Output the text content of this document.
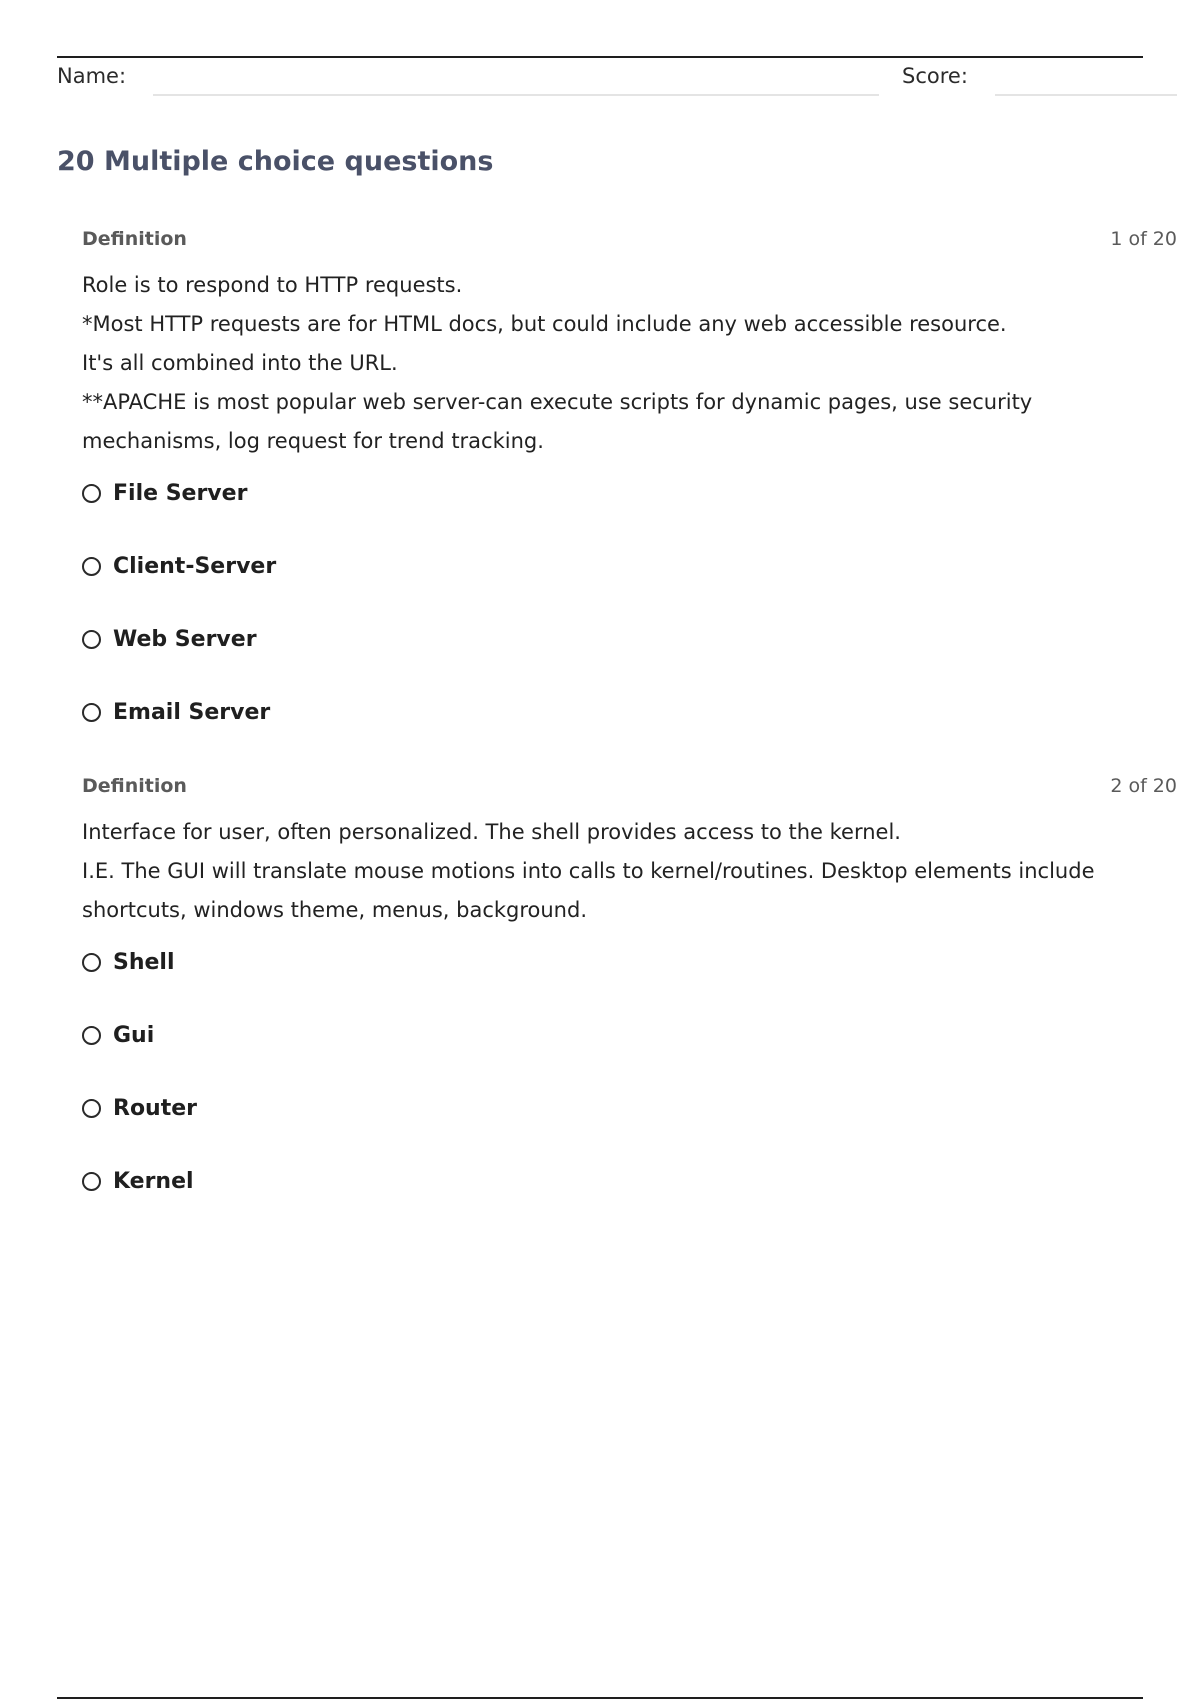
Name:	Score:
20 Multiple choice questions
Definition	1 of 20

Role is to respond to HTTP requests.

*Most HTTP requests are for HTML docs, but could include any web accessible resource.

It's all combined into the URL.

**APACHE is most popular web server-can execute scripts for dynamic pages, use security mechanisms, log request for trend tracking.

File Server
Client-Server
Web Server
Email Server
Definition	2 of 20

Interface for user, often personalized. The shell provides access to the kernel.

I.E. The GUI will translate mouse motions into calls to kernel/routines. Desktop elements include shortcuts, windows theme, menus, background.

Shell
Gui
Router
Kernel
